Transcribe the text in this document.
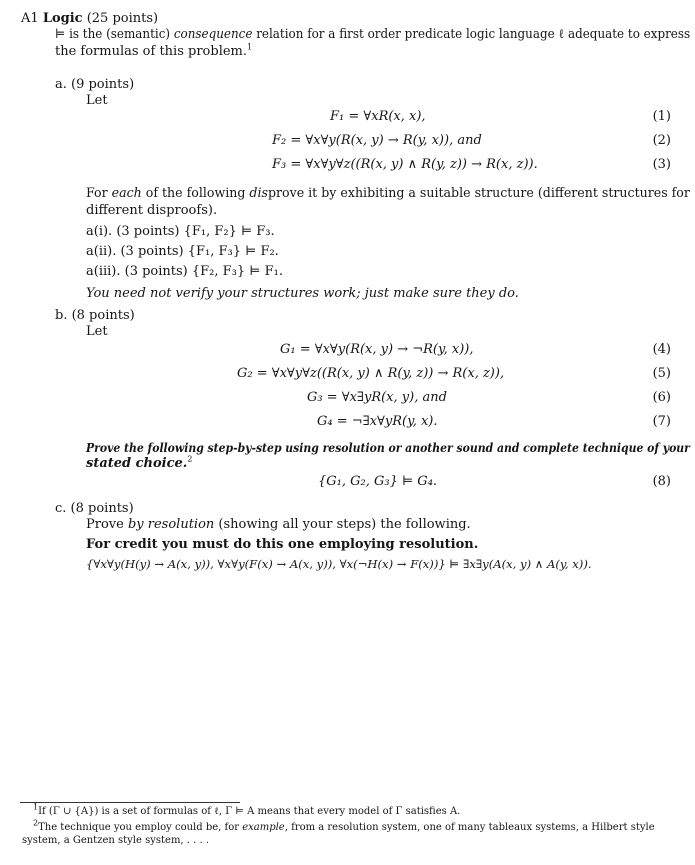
A1 Logic (25 points)
⊨ is the (semantic) consequence relation for a first order predicate logic language ℓ adequate to express
the formulas of this problem.$^1$
a. (9 points)
Let
F₁ = ∀xR(x, x),	(1)
F₂ = ∀x∀y(R(x, y) → R(y, x)), and	(2)
F₃ = ∀x∀y∀z((R(x, y) ∧ R(y, z)) → R(x, z)).	(3)
For each of the following disprove it by exhibiting a suitable structure (different structures for
different disproofs).
a(i). (3 points) {F₁, F₂} ⊨ F₃.
a(ii). (3 points) {F₁, F₃} ⊨ F₂.
a(iii). (3 points) {F₂, F₃} ⊨ F₁.
You need not verify your structures work; just make sure they do.
b. (8 points)
Let
G₁ = ∀x∀y(R(x, y) → ¬R(y, x)),	(4)
G₂ = ∀x∀y∀z((R(x, y) ∧ R(y, z)) → R(x, z)),	(5)
G₃ = ∀x∃yR(x, y), and	(6)
G₄ = ¬∃x∀yR(y, x).	(7)
Prove the following step-by-step using resolution or another sound and complete technique of your
stated choice.$^2$
{G₁, G₂, G₃} ⊨ G₄.	(8)
c. (8 points)
Prove by resolution (showing all your steps) the following.
For credit you must do this one employing resolution.
{∀x∀y(H(y) → A(x, y)), ∀x∀y(F(x) → A(x, y)), ∀x(¬H(x) → F(x))} ⊨ ∃x∃y(A(x, y) ∧ A(y, x)).
$^1$If (Γ ∪ {A}) is a set of formulas of ℓ, Γ ⊨ A means that every model of Γ satisfies A.
$^2$The technique you employ could be, for example, from a resolution system, one of many tableaux systems, a Hilbert style
system, a Gentzen style system, . . . .
